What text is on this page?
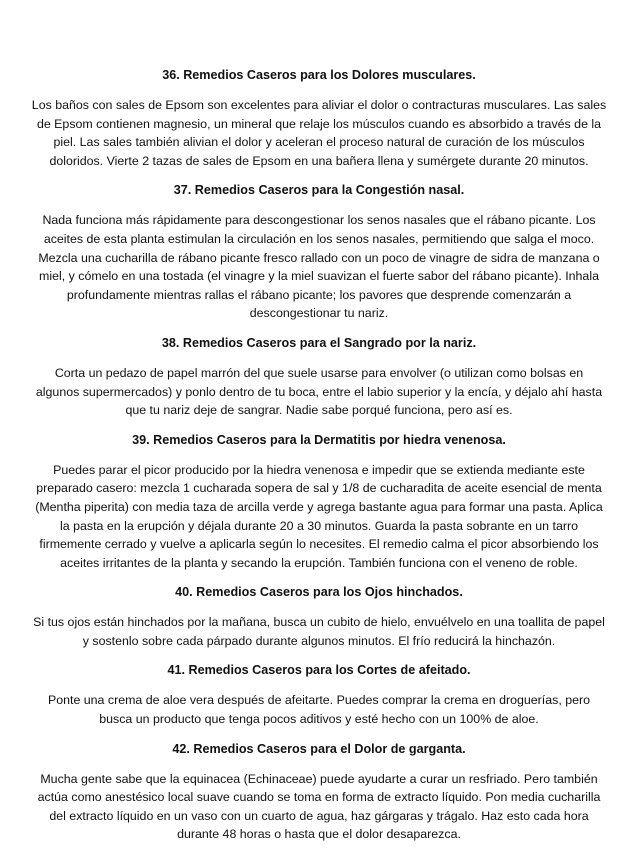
36. Remedios Caseros para los Dolores musculares.

Los baños con sales de Epsom son excelentes para aliviar el dolor o contracturas musculares. Las sales de Epsom contienen magnesio, un mineral que relaje los músculos cuando es absorbido a través de la piel. Las sales también alivian el dolor y aceleran el proceso natural de curación de los músculos doloridos. Vierte 2 tazas de sales de Epsom en una bañera llena y sumérgete durante 20 minutos.

37. Remedios Caseros para la Congestión nasal.

Nada funciona más rápidamente para descongestionar los senos nasales que el rábano picante. Los aceites de esta planta estimulan la circulación en los senos nasales, permitiendo que salga el moco. Mezcla una cucharilla de rábano picante fresco rallado con un poco de vinagre de sidra de manzana o miel, y cómelo en una tostada (el vinagre y la miel suavizan el fuerte sabor del rábano picante). Inhala profundamente mientras rallas el rábano picante; los pavores que desprende comenzarán a descongestionar tu nariz.

38. Remedios Caseros para el Sangrado por la nariz.

Corta un pedazo de papel marrón del que suele usarse para envolver (o utilizan como bolsas en algunos supermercados) y ponlo dentro de tu boca, entre el labio superior y la encía, y déjalo ahí hasta que tu nariz deje de sangrar. Nadie sabe porqué funciona, pero así es.

39. Remedios Caseros para la Dermatitis por hiedra venenosa.

Puedes parar el picor producido por la hiedra venenosa e impedir que se extienda mediante este preparado casero: mezcla 1 cucharada sopera de sal y 1/8 de cucharadita de aceite esencial de menta (Mentha piperita) con media taza de arcilla verde y agrega bastante agua para formar una pasta. Aplica la pasta en la erupción y déjala durante 20 a 30 minutos. Guarda la pasta sobrante en un tarro firmemente cerrado y vuelve a aplicarla según lo necesites. El remedio calma el picor absorbiendo los aceites irritantes de la planta y secando la erupción. También funciona con el veneno de roble.

40. Remedios Caseros para los Ojos hinchados.

Si tus ojos están hinchados por la mañana, busca un cubito de hielo, envuélvelo en una toallita de papel y sostenlo sobre cada párpado durante algunos minutos. El frío reducirá la hinchazón.

41. Remedios Caseros para los Cortes de afeitado.

Ponte una crema de aloe vera después de afeitarte. Puedes comprar la crema en droguerías, pero busca un producto que tenga pocos aditivos y esté hecho con un 100% de aloe.

42. Remedios Caseros para el Dolor de garganta.

Mucha gente sabe que la equinacea (Echinaceae) puede ayudarte a curar un resfriado. Pero también actúa como anestésico local suave cuando se toma en forma de extracto líquido. Pon media cucharilla del extracto líquido en un vaso con un cuarto de agua, haz gárgaras y trágalo. Haz esto cada hora durante 48 horas o hasta que el dolor desaparezca.
